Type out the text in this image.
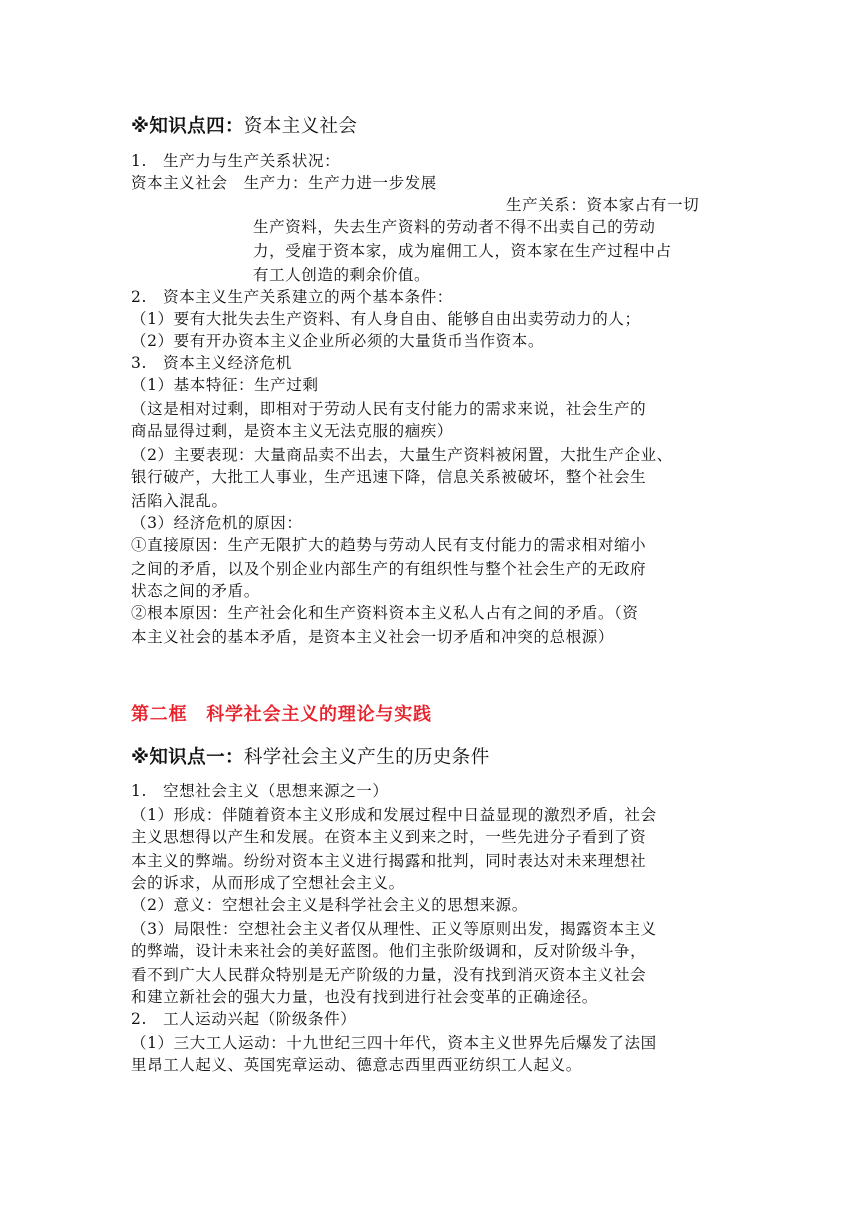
※知识点四：资本主义社会
1.　生产力与生产关系状况：
资本主义社会　生产力：生产力进一步发展
生产关系：资本家占有一切
生产资料，失去生产资料的劳动者不得不出卖自己的劳动
力，受雇于资本家，成为雇佣工人，资本家在生产过程中占
有工人创造的剩余价值。
2.　资本主义生产关系建立的两个基本条件：
（1）要有大批失去生产资料、有人身自由、能够自由出卖劳动力的人；
（2）要有开办资本主义企业所必须的大量货币当作资本。
3.　资本主义经济危机
（1）基本特征：生产过剩
（这是相对过剩，即相对于劳动人民有支付能力的需求来说，社会生产的
商品显得过剩，是资本主义无法克服的痼疾）
（2）主要表现：大量商品卖不出去，大量生产资料被闲置，大批生产企业、
银行破产，大批工人事业，生产迅速下降，信息关系被破坏，整个社会生
活陷入混乱。
（3）经济危机的原因：
①直接原因：生产无限扩大的趋势与劳动人民有支付能力的需求相对缩小
之间的矛盾，以及个别企业内部生产的有组织性与整个社会生产的无政府
状态之间的矛盾。
②根本原因：生产社会化和生产资料资本主义私人占有之间的矛盾。（资
本主义社会的基本矛盾，是资本主义社会一切矛盾和冲突的总根源）
第二框　科学社会主义的理论与实践
※知识点一：科学社会主义产生的历史条件
1.　空想社会主义（思想来源之一）
（1）形成：伴随着资本主义形成和发展过程中日益显现的激烈矛盾，社会
主义思想得以产生和发展。在资本主义到来之时，一些先进分子看到了资
本主义的弊端。纷纷对资本主义进行揭露和批判，同时表达对未来理想社
会的诉求，从而形成了空想社会主义。
（2）意义：空想社会主义是科学社会主义的思想来源。
（3）局限性：空想社会主义者仅从理性、正义等原则出发，揭露资本主义
的弊端，设计未来社会的美好蓝图。他们主张阶级调和，反对阶级斗争，
看不到广大人民群众特别是无产阶级的力量，没有找到消灭资本主义社会
和建立新社会的强大力量，也没有找到进行社会变革的正确途径。
2.　工人运动兴起（阶级条件）
（1）三大工人运动：十九世纪三四十年代，资本主义世界先后爆发了法国
里昂工人起义、英国宪章运动、德意志西里西亚纺织工人起义。
